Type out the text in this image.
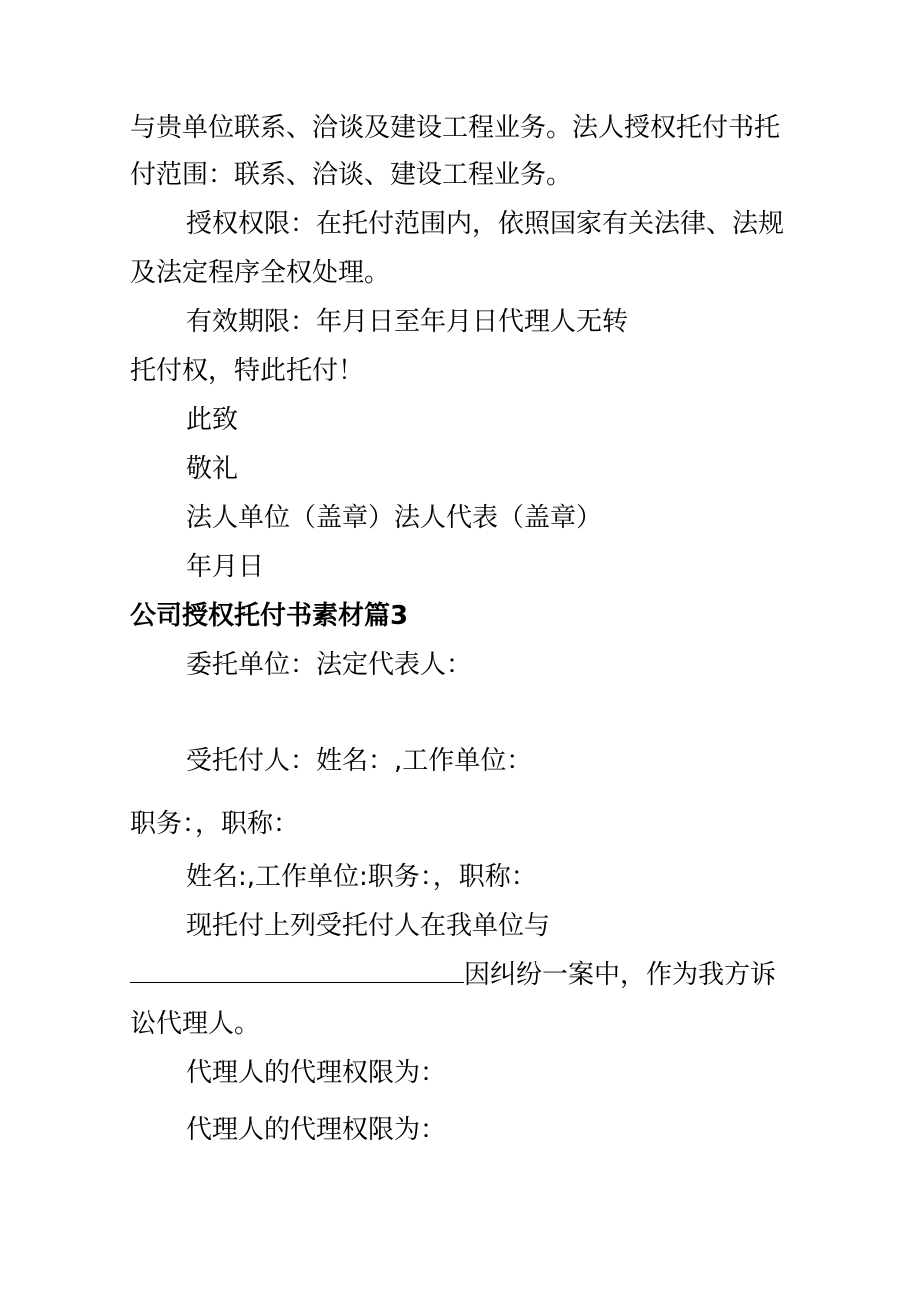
与贵单位联系、洽谈及建设工程业务。法人授权托付书托
付范围：联系、洽谈、建设工程业务。
授权权限：在托付范围内，依照国家有关法律、法规
及法定程序全权处理。
有效期限：年月日至年月日代理人无转
托付权，特此托付！
此致
敬礼
法人单位（盖章）法人代表（盖章）
年月日
公司授权托付书素材篇3
委托单位：法定代表人：
受托付人：姓名：,工作单位：
职务：，职称：
姓名:,工作单位:职务：，职称：
现托付上列受托付人在我单位与
因纠纷一案中，作为我方诉
讼代理人。
代理人的代理权限为：
代理人的代理权限为：
